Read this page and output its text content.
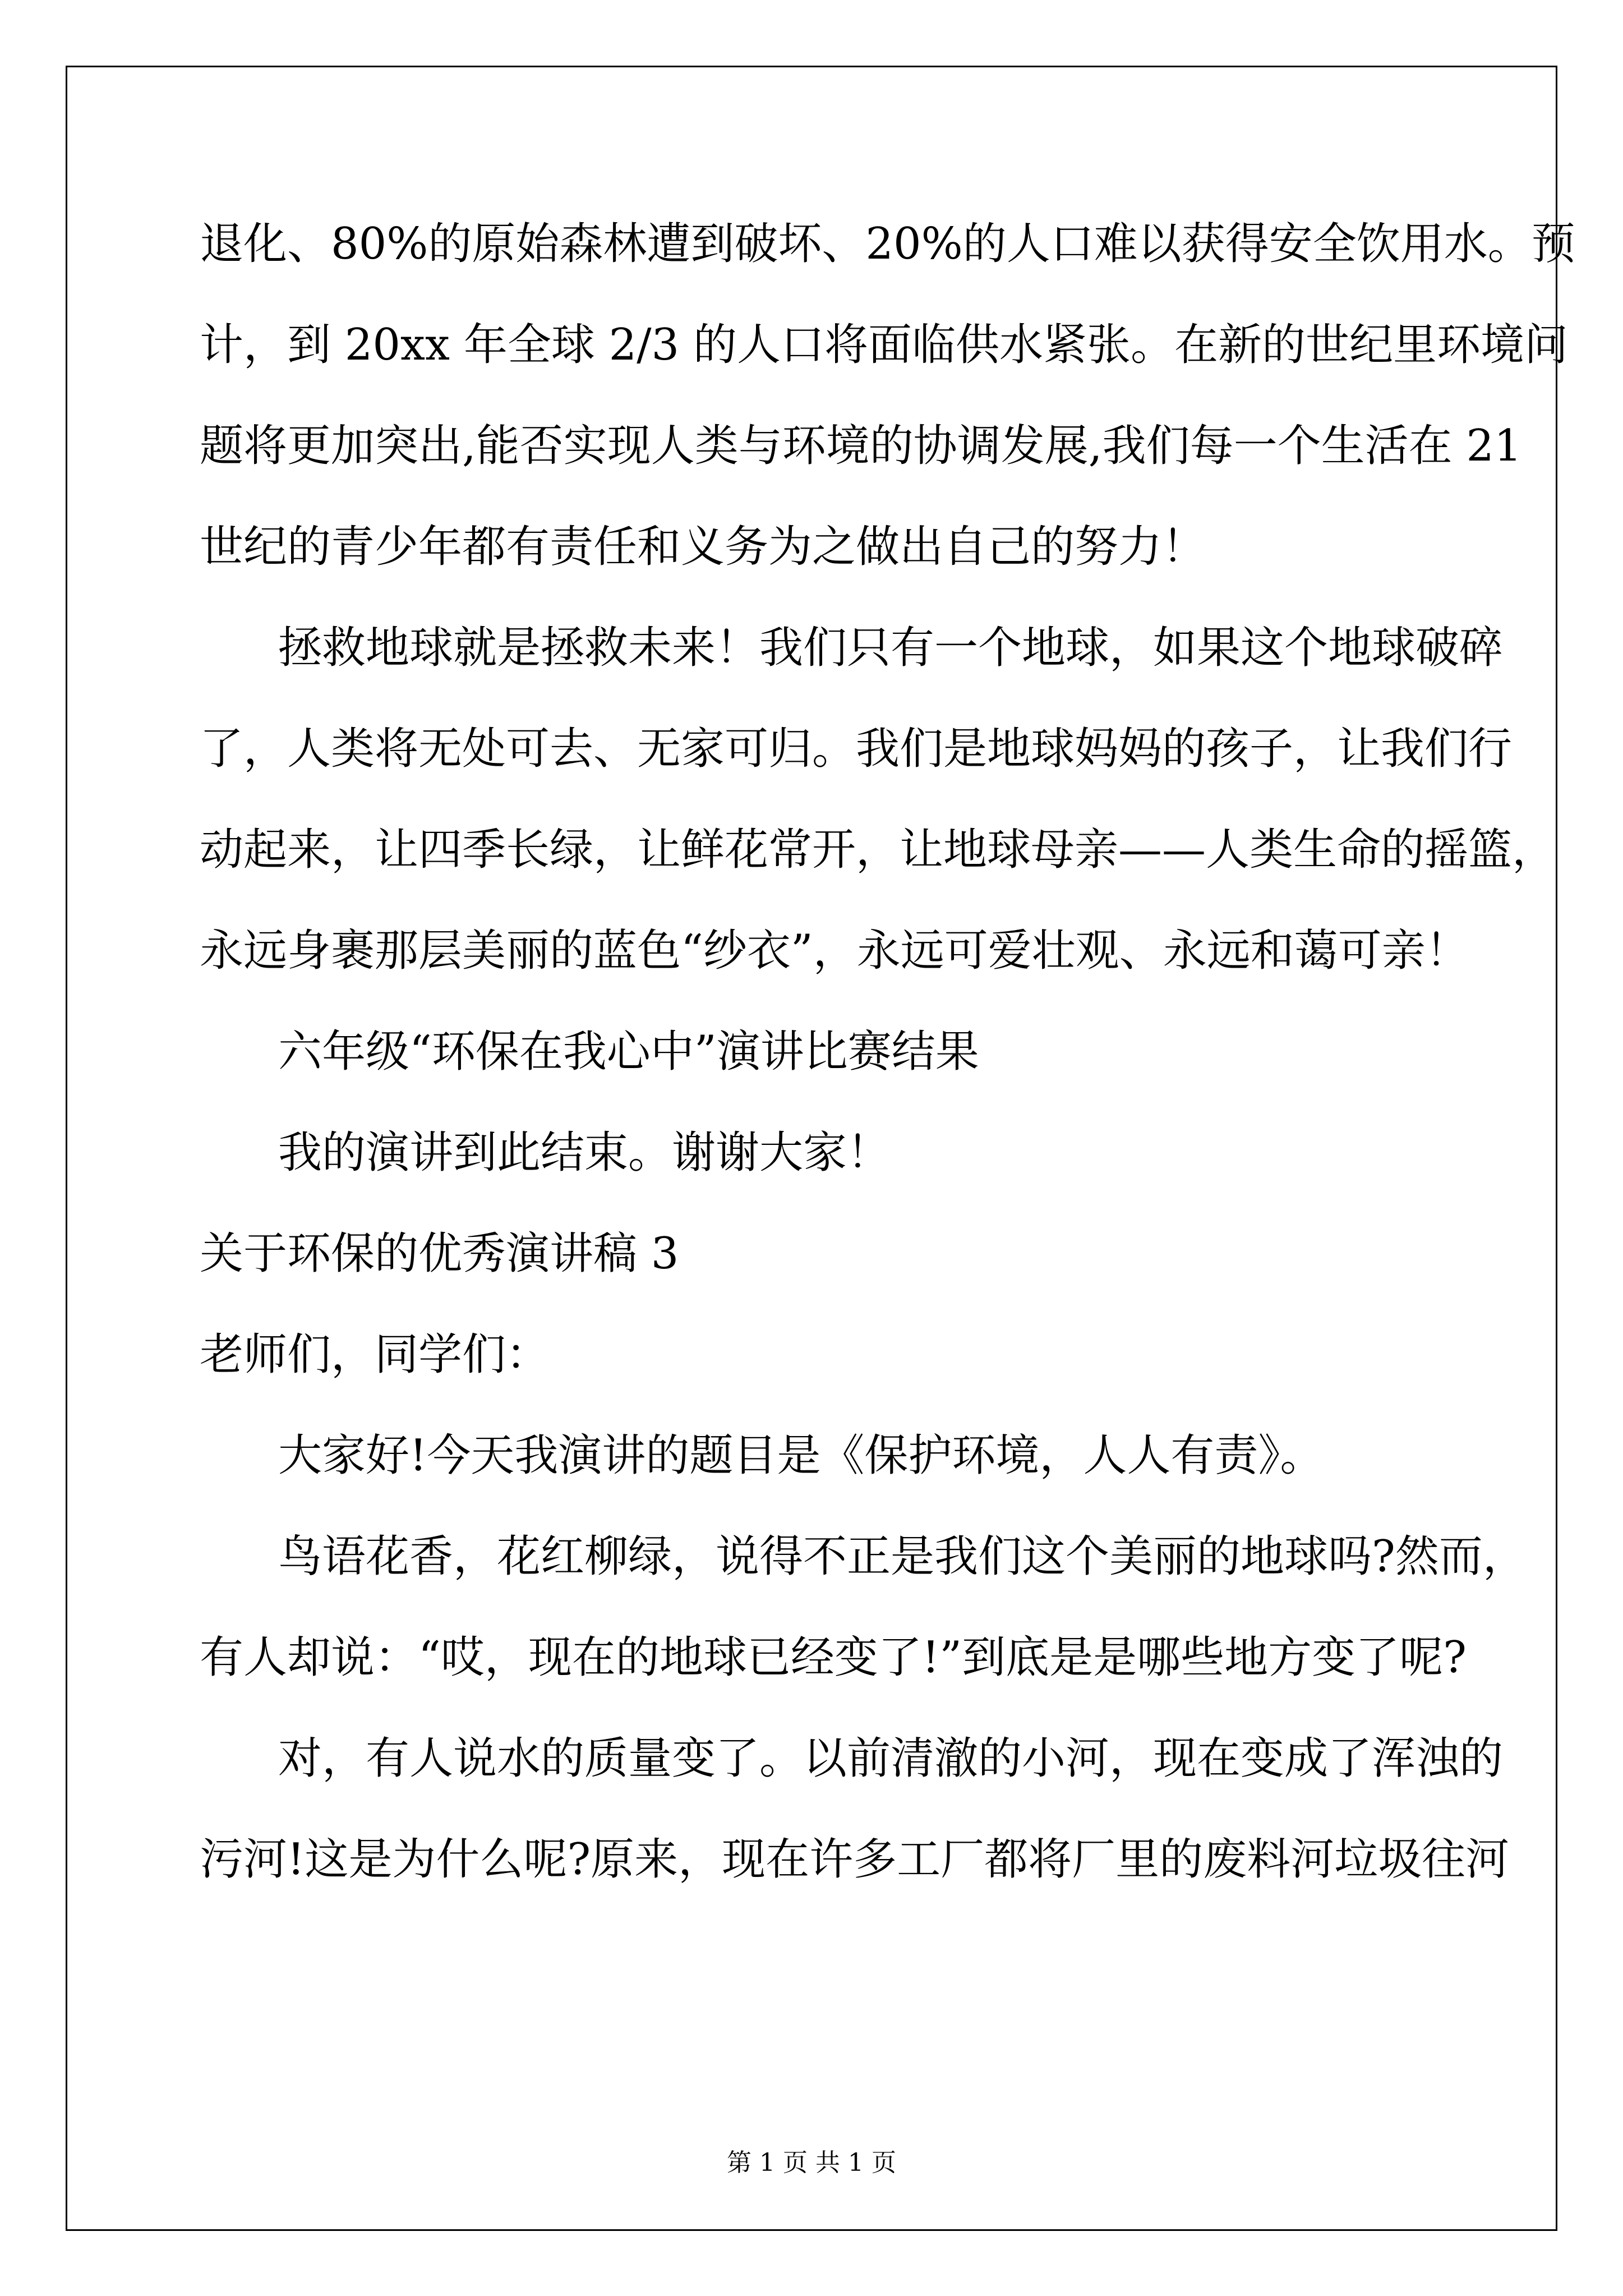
退化、80%的原始森林遭到破坏、20%的人口难以获得安全饮用水。预
计，到 20xx 年全球 2/3 的人口将面临供水紧张。在新的世纪里环境问
题将更加突出,能否实现人类与环境的协调发展,我们每一个生活在 21
世纪的青少年都有责任和义务为之做出自己的努力！
拯救地球就是拯救未来！我们只有一个地球，如果这个地球破碎
了，人类将无处可去、无家可归。我们是地球妈妈的孩子，让我们行
动起来，让四季长绿，让鲜花常开，让地球母亲——人类生命的摇篮，
永远身裹那层美丽的蓝色“纱衣”，永远可爱壮观、永远和蔼可亲！
六年级“环保在我心中”演讲比赛结果
我的演讲到此结束。谢谢大家！
关于环保的优秀演讲稿 3
老师们，同学们：
大家好!今天我演讲的题目是《保护环境，人人有责》。
鸟语花香，花红柳绿，说得不正是我们这个美丽的地球吗?然而，
有人却说：“哎，现在的地球已经变了!”到底是是哪些地方变了呢?
对，有人说水的质量变了。以前清澈的小河，现在变成了浑浊的
污河!这是为什么呢?原来，现在许多工厂都将厂里的废料河垃圾往河
第 1 页 共 1 页
